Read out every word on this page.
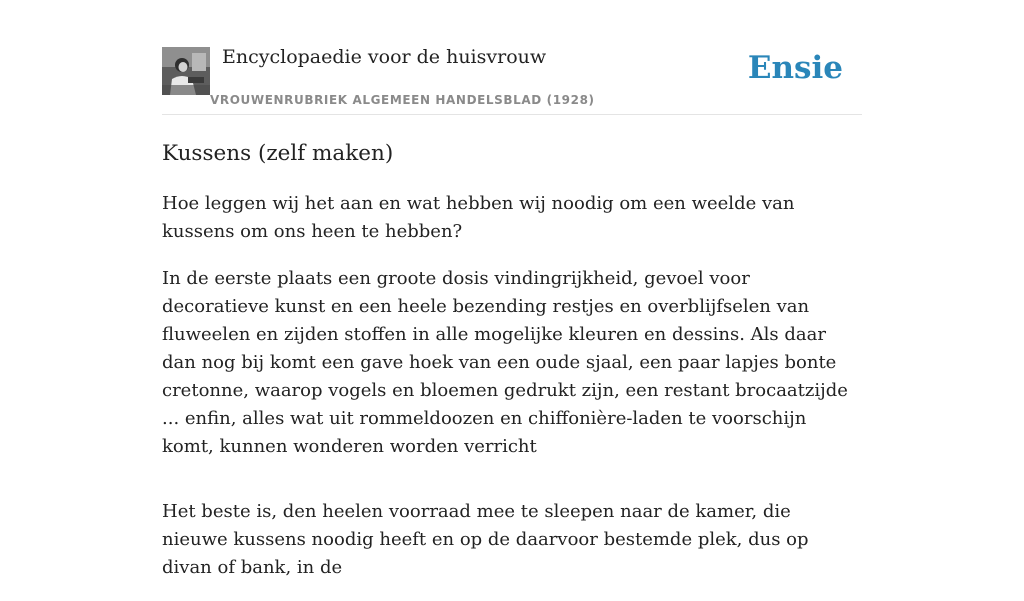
Encyclopaedie voor de huisvrouw
VROUWENRUBRIEK ALGEMEEN HANDELSBLAD (1928)
Ensie
Kussens (zelf maken)

Hoe leggen wij het aan en wat hebben wij noodig om een weelde van kussens om ons heen te hebben?

In de eerste plaats een groote dosis vindingrijkheid, gevoel voor decoratieve kunst en een heele bezending restjes en overblijfselen van fluweelen en zijden stoffen in alle mogelijke kleuren en dessins. Als daar dan nog bij komt een gave hoek van een oude sjaal, een paar lapjes bonte cretonne, waarop vogels en bloemen gedrukt zijn, een restant brocaatzijde ... enfin, alles wat uit rommeldoozen en chiffonière-laden te voorschijn komt, kunnen wonderen worden verricht

Het beste is, den heelen voorraad mee te sleepen naar de kamer, die nieuwe kussens noodig heeft en op de daarvoor bestemde plek, dus op divan of bank, in de
